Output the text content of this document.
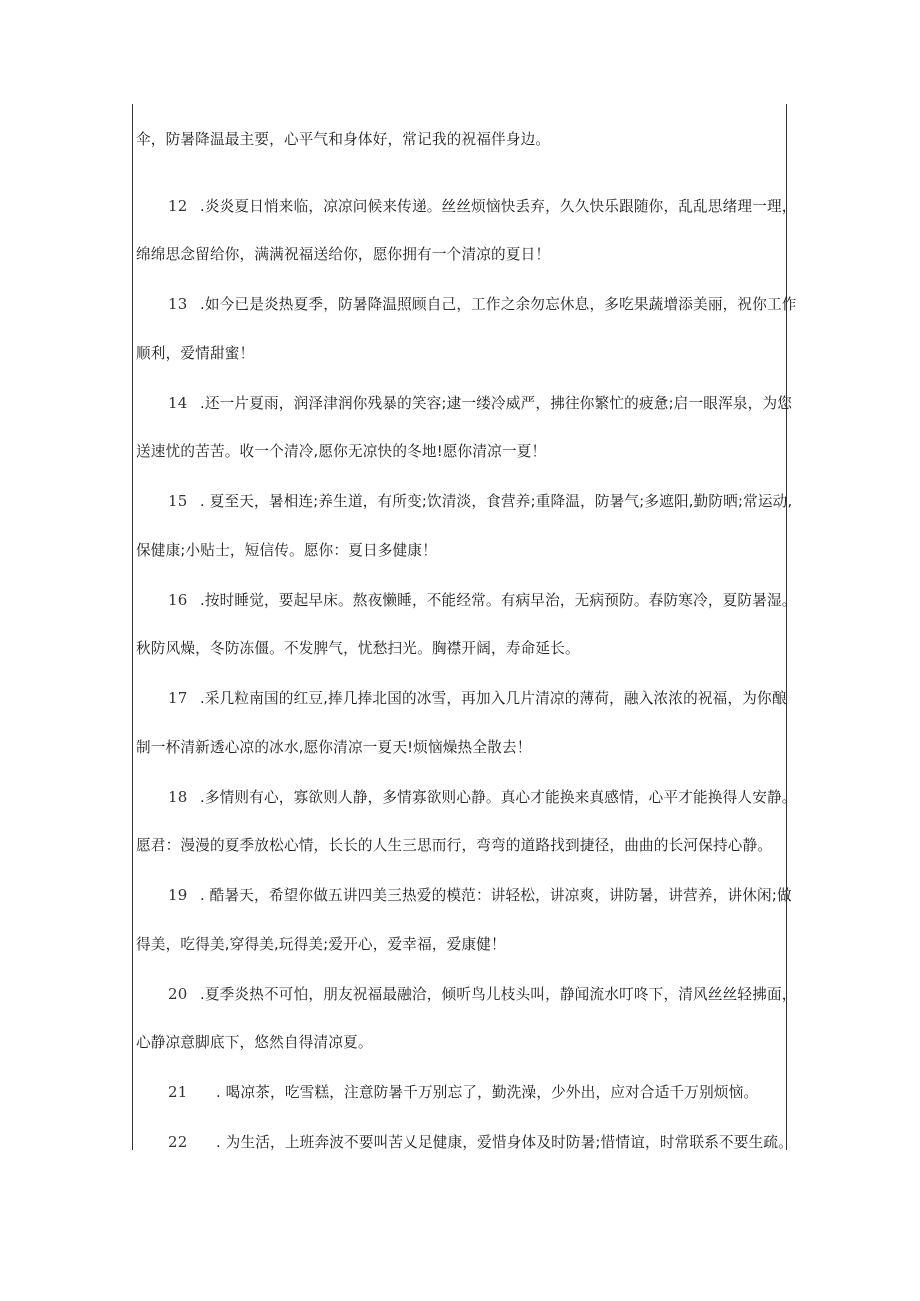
伞，防暑降温最主要，心平气和身体好，常记我的祝福伴身边。
12 .炎炎夏日悄来临，凉凉问候来传递。丝丝烦恼快丢弃，久久快乐跟随你，乱乱思绪理一理，
绵绵思念留给你，满满祝福送给你，愿你拥有一个清凉的夏日！
13 .如今已是炎热夏季，防暑降温照顾自己，工作之余勿忘休息，多吃果蔬增添美丽，祝你工作
顺利，爱情甜蜜！
14 .还一片夏雨，润泽津润你残暴的笑容;逮一缕冷威严，拂往你繁忙的疲惫;启一眼浑泉，为您
送速忧的苦苦。收一个清冷,愿你无凉快的冬地!愿你清凉一夏！
15 . 夏至天，暑相连;养生道，有所变;饮清淡，食营养;重降温，防暑气;多遮阳,勤防晒;常运动,
保健康;小贴士，短信传。愿你：夏日多健康！
16 .按时睡觉，要起早床。熬夜懒睡，不能经常。有病早治，无病预防。春防寒冷，夏防暑湿。
秋防风燥，冬防冻僵。不发脾气，忧愁扫光。胸襟开阔，寿命延长。
17 .采几粒南国的红豆,捧几捧北国的冰雪，再加入几片清凉的薄荷，融入浓浓的祝福，为你酿
制一杯清新透心凉的冰水,愿你清凉一夏天!烦恼燥热全散去！
18 .多情则有心，寡欲则人静，多情寡欲则心静。真心才能换来真感情，心平才能换得人安静。
愿君：漫漫的夏季放松心情，长长的人生三思而行，弯弯的道路找到捷径，曲曲的长河保持心静。
19 . 酷暑天，希望你做五讲四美三热爱的模范：讲轻松，讲凉爽，讲防暑，讲营养，讲休闲;做
得美，吃得美,穿得美,玩得美;爱开心，爱幸福，爱康健！
20 .夏季炎热不可怕，朋友祝福最融洽，倾听鸟儿枝头叫，静闻流水叮咚下，清风丝丝轻拂面，
心静凉意脚底下，悠然自得清凉夏。
21 . 喝凉茶，吃雪糕，注意防暑千万别忘了，勤洗澡，少外出，应对合适千万别烦恼。
22 . 为生活，上班奔波不要叫苦乂足健康，爱惜身体及时防暑;惜情谊，时常联系不要生疏。
